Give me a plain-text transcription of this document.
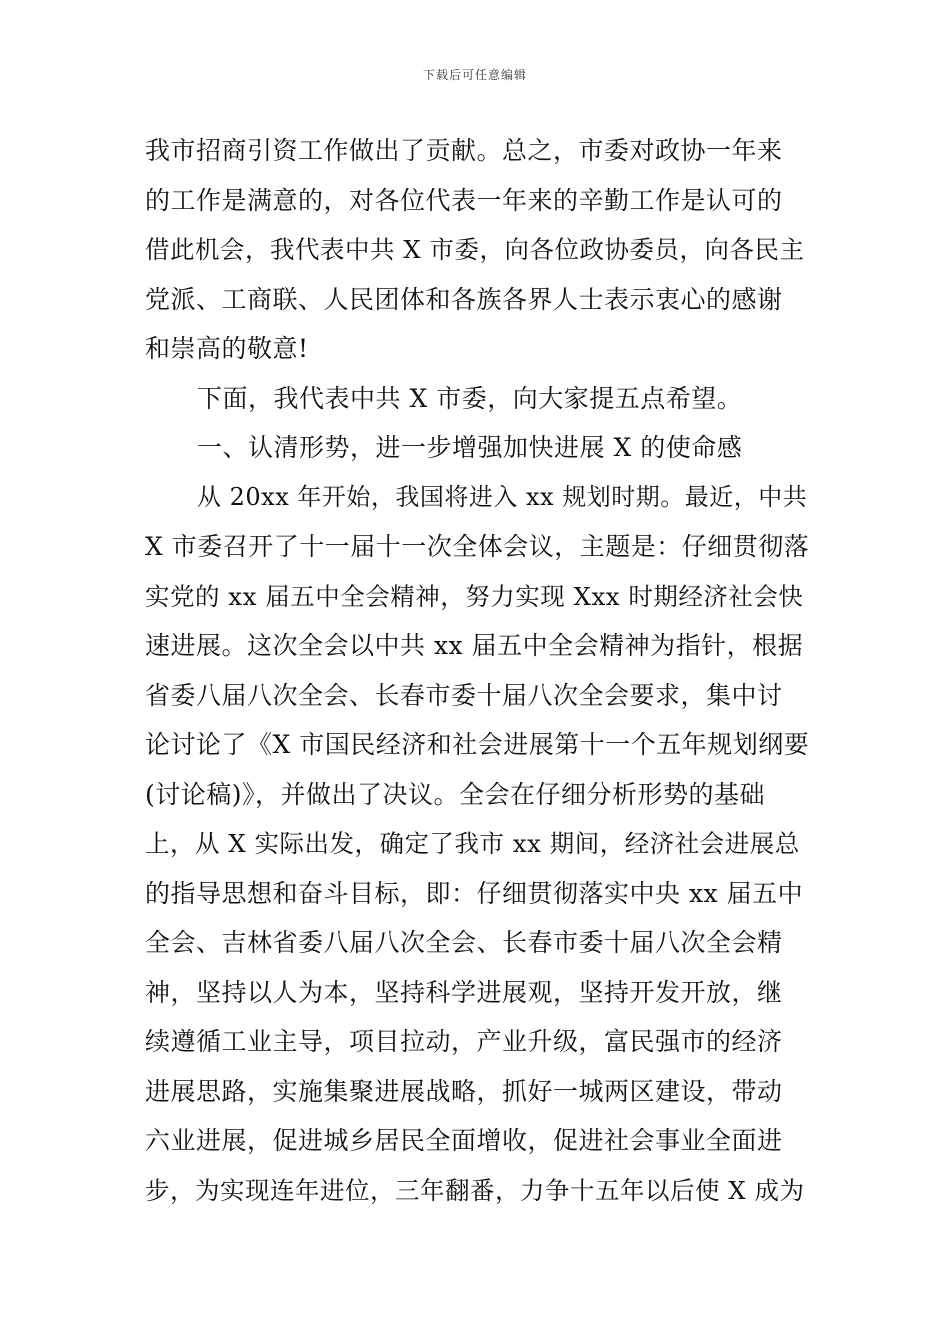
下载后可任意编辑
我市招商引资工作做出了贡献。总之，市委对政协一年来
的工作是满意的，对各位代表一年来的辛勤工作是认可的
借此机会，我代表中共 X 市委，向各位政协委员，向各民主
党派、工商联、人民团体和各族各界人士表示衷心的感谢
和崇高的敬意!
下面，我代表中共 X 市委，向大家提五点希望。
一、认清形势，进一步增强加快进展 X 的使命感
从 20xx 年开始，我国将进入 xx 规划时期。最近，中共
X 市委召开了十一届十一次全体会议，主题是：仔细贯彻落
实党的 xx 届五中全会精神，努力实现 Xxx 时期经济社会快
速进展。这次全会以中共 xx 届五中全会精神为指针，根据
省委八届八次全会、长春市委十届八次全会要求，集中讨
论讨论了《X 市国民经济和社会进展第十一个五年规划纲要
(讨论稿)》，并做出了决议。全会在仔细分析形势的基础
上，从 X 实际出发，确定了我市 xx 期间，经济社会进展总
的指导思想和奋斗目标，即：仔细贯彻落实中央 xx 届五中
全会、吉林省委八届八次全会、长春市委十届八次全会精
神，坚持以人为本，坚持科学进展观，坚持开发开放，继
续遵循工业主导，项目拉动，产业升级，富民强市的经济
进展思路，实施集聚进展战略，抓好一城两区建设，带动
六业进展，促进城乡居民全面增收，促进社会事业全面进
步，为实现连年进位，三年翻番，力争十五年以后使 X 成为
